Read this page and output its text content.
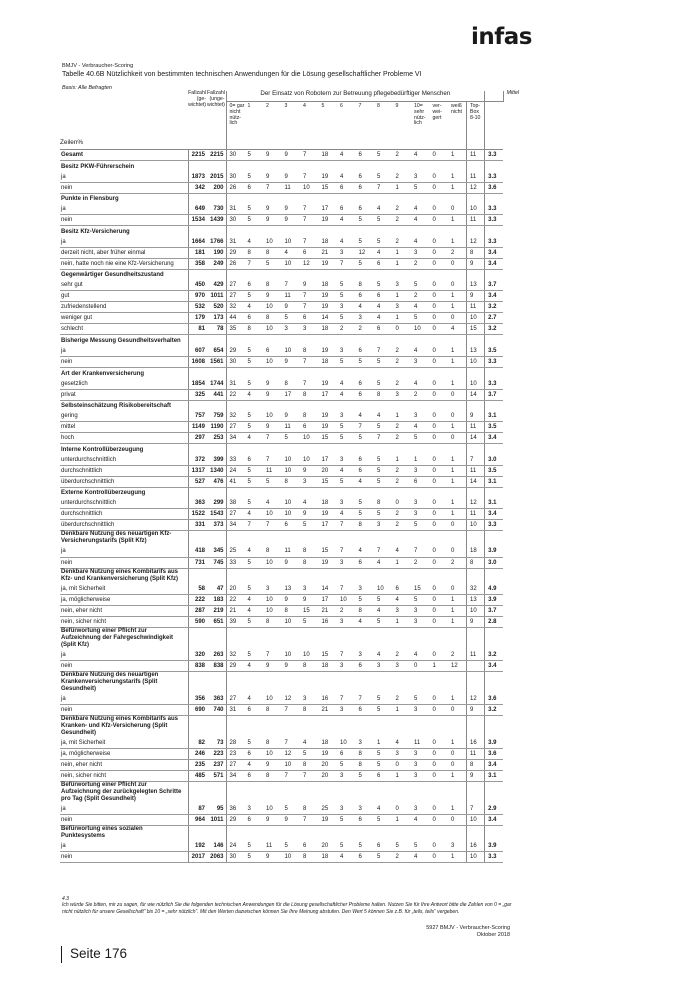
infas
BMJV - Verbraucher-Scoring
Tabelle 40.6B Nützlichkeit von bestimmten technischen Anwendungen für die Lösung gesellschaftlicher Probleme VI
Basis: Alle Befragten
Zeilen%	Fallzahl (ge-wichtet)	Fallzahl (unge-wichtet)	Der Einsatz von Robotern zur Betreuung pflegebedürftiger Menschen															Mittel
			0= gar nicht nütz-lich	1	2	3	4	5	6	7	8	9	10= sehr nütz-lich	ver-wei-gert	weiß nicht	Top-Box 8-10		
Gesamt	2215	2215	30	5	9	9	7	18	4	6	5	2	4	0	1	11	3.3	
Besitz PKW-Führerschein																		
ja	1873	2015	30	5	9	9	7	19	4	6	5	2	3	0	1	11	3.3	
nein	342	200	26	6	7	11	10	15	6	6	7	1	5	0	1	12	3.6	
Punkte in Flensburg																		
ja	649	730	31	5	9	9	7	17	6	6	4	2	4	0	0	10	3.3	
nein	1534	1439	30	5	9	9	7	19	4	5	5	2	4	0	1	11	3.3	
Besitz Kfz-Versicherung																		
ja	1664	1766	31	4	10	10	7	18	4	5	5	2	4	0	1	12	3.3	
derzeit nicht, aber früher einmal	181	190	29	8	8	4	6	21	3	12	4	1	3	0	2	8	3.4	
nein, hatte noch nie eine Kfz-Versicherung	358	249	26	7	5	10	12	19	7	5	6	1	2	0	0	9	3.4	
Gegenwärtiger Gesundheitszustand																		
sehr gut	450	429	27	6	8	7	9	18	5	8	5	3	5	0	0	13	3.7	
gut	970	1011	27	5	9	11	7	19	5	6	6	1	2	0	1	9	3.4	
zufriedenstellend	532	520	32	4	10	9	7	19	3	4	4	3	4	0	1	11	3.2	
weniger gut	179	173	44	6	8	5	6	14	5	3	4	1	5	0	0	10	2.7	
schlecht	81	78	35	8	10	3	3	18	2	2	6	0	10	0	4	15	3.2	
Bisherige Messung Gesundheitsverhalten																		
ja	607	654	29	5	6	10	8	19	3	6	7	2	4	0	1	13	3.5	
nein	1608	1561	30	5	10	9	7	18	5	5	5	2	3	0	1	10	3.3	
Art der Krankenversicherung																		
gesetzlich	1854	1744	31	5	9	8	7	19	4	6	5	2	4	0	1	10	3.3	
privat	325	441	22	4	9	17	8	17	4	6	8	3	2	0	0	14	3.7	
Selbsteinschätzung Risikobereitschaft																		
gering	757	759	32	5	10	9	8	19	3	4	4	1	3	0	0	9	3.1	
mittel	1149	1190	27	5	9	11	6	19	5	7	5	2	4	0	1	11	3.5	
hoch	297	253	34	4	7	5	10	15	5	5	7	2	5	0	0	14	3.4	
Interne Kontrollüberzeugung																		
unterdurchschnittlich	372	399	33	6	7	10	10	17	3	6	5	1	1	0	1	7	3.0	
durchschnittlich	1317	1340	24	5	11	10	9	20	4	6	5	2	3	0	1	11	3.5	
überdurchschnittlich	527	476	41	5	5	8	3	15	5	4	5	2	6	0	1	14	3.1	
Externe Kontrollüberzeugung																		
unterdurchschnittlich	363	299	38	5	4	10	4	18	3	5	8	0	3	0	1	12	3.1	
durchschnittlich	1522	1543	27	4	10	10	9	19	4	5	5	2	3	0	1	11	3.4	
überdurchschnittlich	331	373	34	7	7	6	5	17	7	8	3	2	5	0	0	10	3.3	
Denkbare Nutzung des neuartigen Kfz-Versicherungstarifs (Split Kfz)																		
ja	418	345	25	4	8	11	8	15	7	4	7	4	7	0	0	18	3.9	
nein	731	745	33	5	10	9	8	19	3	6	4	1	2	0	2	8	3.0	
Denkbare Nutzung eines Kombitarifs aus Kfz- und Krankenversicherung (Split Kfz)																		
ja, mit Sicherheit	58	47	20	5	3	13	3	14	7	3	10	6	15	0	0	32	4.9	
ja, möglicherweise	222	183	22	4	10	9	9	17	10	5	5	4	5	0	1	13	3.9	
nein, eher nicht	287	219	21	4	10	8	15	21	2	8	4	3	3	0	1	10	3.7	
nein, sicher nicht	590	651	39	5	8	10	5	16	3	4	5	1	3	0	1	9	2.8	
Befürwortung einer Pflicht zur Aufzeichnung der Fahrgeschwindigkeit (Split Kfz)																		
ja	320	263	32	5	7	10	10	15	7	3	4	2	4	0	2	11	3.2	
nein	838	838	29	4	9	9	8	18	3	6	3	3	0	1	12		3.4	
Denkbare Nutzung des neuartigen Krankenversicherungstarifs (Split Gesundheit)																		
ja	356	363	27	4	10	12	3	16	7	7	5	2	5	0	1	12	3.6	
nein	690	740	31	6	8	7	8	21	3	6	5	1	3	0	0	9	3.2	
Denkbare Nutzung eines Kombitarifs aus Kranken- und Kfz-Versicherung (Split Gesundheit)																		
ja, mit Sicherheit	82	73	28	5	8	7	4	18	10	3	1	4	11	0	1	16	3.9	
ja, möglicherweise	246	223	23	6	10	12	5	19	6	8	5	3	3	0	0	11	3.6	
nein, eher nicht	235	237	27	4	9	10	8	20	5	8	5	0	3	0	0	8	3.4	
nein, sicher nicht	485	571	34	6	8	7	7	20	3	5	6	1	3	0	1	9	3.1	
Befürwortung einer Pflicht zur Aufzeichnung der zurückgelegten Schritte pro Tag (Split Gesundheit)																		
ja	87	95	36	3	10	5	8	25	3	3	4	0	3	0	1	7	2.9	
nein	964	1011	29	6	9	9	7	19	5	6	5	1	4	0	0	10	3.4	
Befürwortung eines sozialen Punktesystems																		
ja	192	146	24	5	11	5	6	20	5	5	6	5	5	0	3	16	3.9	
nein	2017	2063	30	5	9	10	8	18	4	6	5	2	4	0	1	10	3.3	
4.3
Ich würde Sie bitten, mir zu sagen, für wie nützlich Sie die folgenden technischen Anwendungen für die Lösung gesellschaftlicher Probleme halten. Nutzen Sie für Ihre Antwort bitte die Zahlen von 0 = „gar nicht nützlich für unsere Gesellschaft“ bis 10 = „sehr nützlich“. Mit den Werten dazwischen können Sie Ihre Meinung abstufen. Den Wert 5 können Sie z.B. für „teils, teils“ vergeben.
5927 BMJV - Verbraucher-Scoring
Oktober 2018
Seite 176
